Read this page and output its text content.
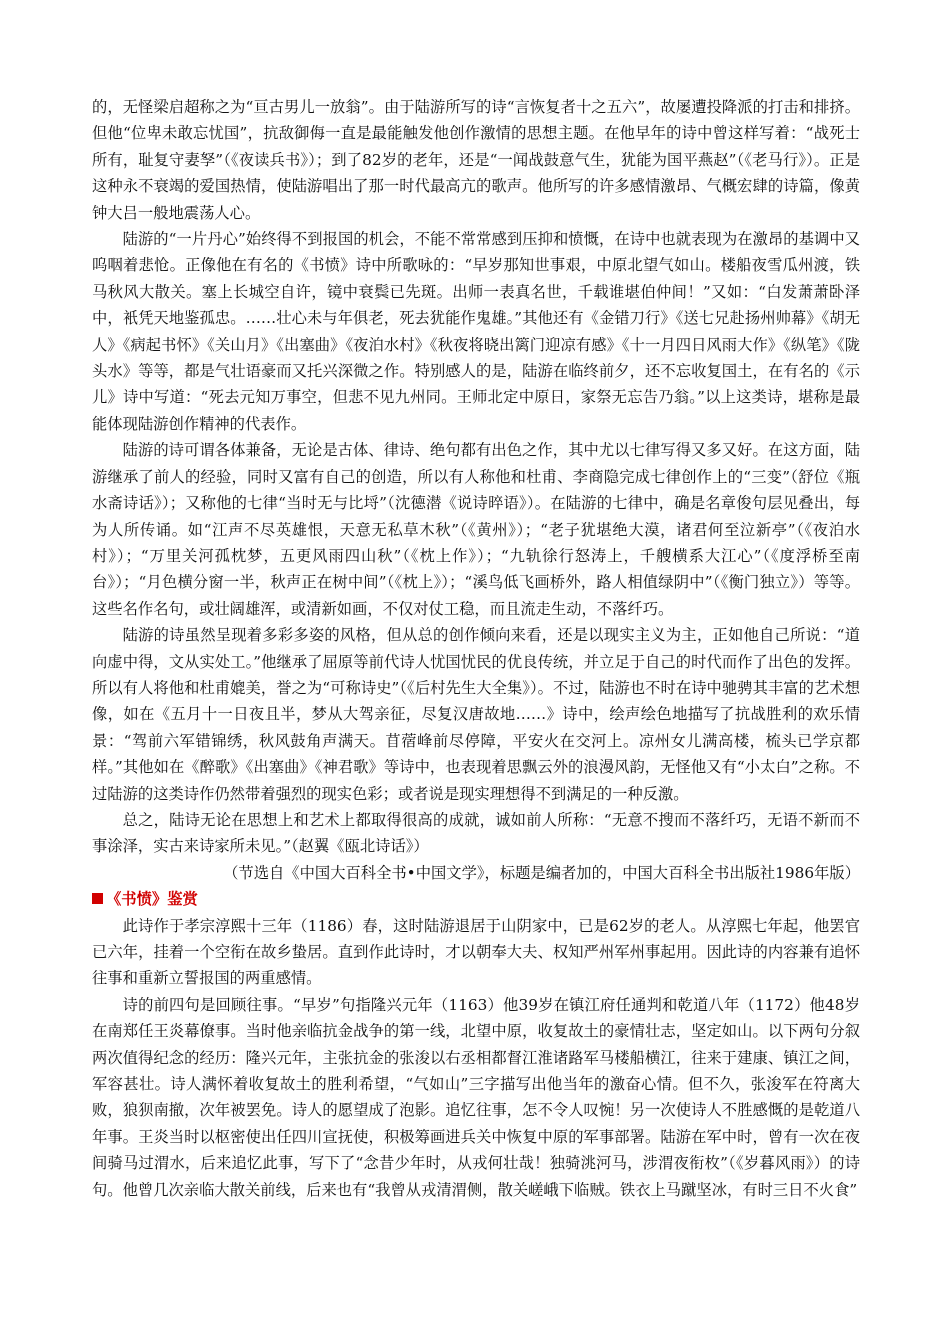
的，无怪梁启超称之为“亘古男儿一放翁”。由于陆游所写的诗“言恢复者十之五六”，故屡遭投降派的打击和排挤。但他“位卑未敢忘忧国”，抗敌御侮一直是最能触发他创作激情的思想主题。在他早年的诗中曾这样写着：“战死士所有，耻复守妻孥”（《夜读兵书》）；到了82岁的老年，还是“一闻战鼓意气生，犹能为国平燕赵”（《老马行》）。正是这种永不衰竭的爱国热情，使陆游唱出了那一时代最高亢的歌声。他所写的许多感情激昂、气概宏肆的诗篇，像黄钟大吕一般地震荡人心。

陆游的“一片丹心”始终得不到报国的机会，不能不常常感到压抑和愤慨，在诗中也就表现为在激昂的基调中又呜咽着悲怆。正像他在有名的《书愤》诗中所歌咏的：“早岁那知世事艰，中原北望气如山。楼船夜雪瓜州渡，铁马秋风大散关。塞上长城空自许，镜中衰鬓已先斑。出师一表真名世，千载谁堪伯仲间！”又如：“白发萧萧卧泽中，衹凭天地鉴孤忠。……壮心未与年俱老，死去犹能作鬼雄。”其他还有《金错刀行》《送七兄赴扬州帅幕》《胡无人》《病起书怀》《关山月》《出塞曲》《夜泊水村》《秋夜将晓出篱门迎凉有感》《十一月四日风雨大作》《纵笔》《陇头水》等等，都是气壮语豪而又托兴深微之作。特别感人的是，陆游在临终前夕，还不忘收复国土，在有名的《示儿》诗中写道：“死去元知万事空，但悲不见九州同。王师北定中原日，家祭无忘告乃翁。”以上这类诗，堪称是最能体现陆游创作精神的代表作。

陆游的诗可谓各体兼备，无论是古体、律诗、绝句都有出色之作，其中尤以七律写得又多又好。在这方面，陆游继承了前人的经验，同时又富有自己的创造，所以有人称他和杜甫、李商隐完成七律创作上的“三变”（舒位《瓶水斋诗话》）；又称他的七律“当时无与比埒”（沈德潜《说诗晬语》）。在陆游的七律中，确是名章俊句层见叠出，每为人所传诵。如“江声不尽英雄恨，天意无私草木秋”（《黄州》）；“老子犹堪绝大漠，诸君何至泣新亭”（《夜泊水村》）；“万里关河孤枕梦，五更风雨四山秋”（《枕上作》）；“九轨徐行怒涛上，千艘横系大江心”（《度浮桥至南台》）；“月色横分窗一半，秋声正在树中间”（《枕上》）；“溪鸟低飞画桥外，路人相值绿阴中”（《衡门独立》）等等。这些名作名句，或壮阔雄浑，或清新如画，不仅对仗工稳，而且流走生动，不落纤巧。

陆游的诗虽然呈现着多彩多姿的风格，但从总的创作倾向来看，还是以现实主义为主，正如他自己所说：“道向虚中得，文从实处工。”他继承了屈原等前代诗人忧国忧民的优良传统，并立足于自己的时代而作了出色的发挥。所以有人将他和杜甫媲美，誉之为“可称诗史”（《后村先生大全集》）。不过，陆游也不时在诗中驰骋其丰富的艺术想像，如在《五月十一日夜且半，梦从大驾亲征，尽复汉唐故地……》诗中，绘声绘色地描写了抗战胜利的欢乐情景：“驾前六军错锦绣，秋风鼓角声满天。苜蓿峰前尽停障，平安火在交河上。凉州女儿满高楼，梳头已学京都样。”其他如在《醉歌》《出塞曲》《神君歌》等诗中，也表现着思飘云外的浪漫风韵，无怪他又有“小太白”之称。不过陆游的这类诗作仍然带着强烈的现实色彩；或者说是现实理想得不到满足的一种反激。

总之，陆诗无论在思想上和艺术上都取得很高的成就，诚如前人所称：“无意不搜而不落纤巧，无语不新而不事涂泽，实古来诗家所未见。”（赵翼《瓯北诗话》）

（节选自《中国大百科全书•中国文学》，标题是编者加的，中国大百科全书出版社1986年版）

《书愤》鉴赏

此诗作于孝宗淳熙十三年（1186）春，这时陆游退居于山阴家中，已是62岁的老人。从淳熙七年起，他罢官已六年，挂着一个空衔在故乡蛰居。直到作此诗时，才以朝奉大夫、权知严州军州事起用。因此诗的内容兼有追怀往事和重新立誓报国的两重感情。

诗的前四句是回顾往事。“早岁”句指隆兴元年（1163）他39岁在镇江府任通判和乾道八年（1172）他48岁在南郑任王炎幕僚事。当时他亲临抗金战争的第一线，北望中原，收复故土的豪情壮志，坚定如山。以下两句分叙两次值得纪念的经历：隆兴元年，主张抗金的张浚以右丞相都督江淮诸路军马楼船横江，往来于建康、镇江之间，军容甚壮。诗人满怀着收复故土的胜利希望，“气如山”三字描写出他当年的激奋心情。但不久，张浚军在符离大败，狼狈南撤，次年被罢免。诗人的愿望成了泡影。追忆往事，怎不令人叹惋！另一次使诗人不胜感慨的是乾道八年事。王炎当时以枢密使出任四川宣抚使，积极筹画进兵关中恢复中原的军事部署。陆游在军中时，曾有一次在夜间骑马过渭水，后来追忆此事，写下了“念昔少年时，从戎何壮哉！独骑洮河马，涉渭夜衔枚”（《岁暮风雨》）的诗句。他曾几次亲临大散关前线，后来也有“我曾从戎清渭侧，散关嵯峨下临贼。铁衣上马蹴坚冰，有时三日不火食”
